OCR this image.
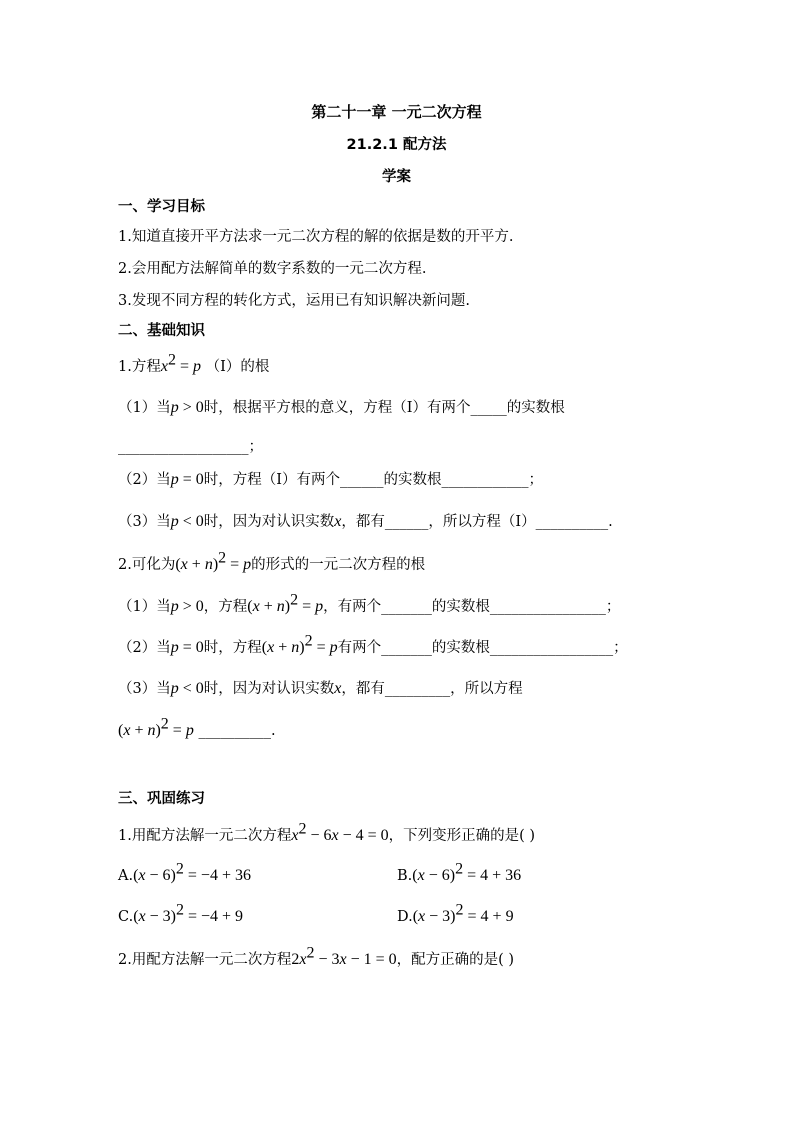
第二十一章 一元二次方程
21.2.1 配方法
学案
一、学习目标
1.知道直接开平方法求一元二次方程的解的依据是数的开平方.
2.会用配方法解简单的数字系数的一元二次方程.
3.发现不同方程的转化方式，运用已有知识解决新问题.
二、基础知识
1.方程$x^2 = p$ （Ⅰ）的根
（1）当p > 0时，根据平方根的意义，方程（Ⅰ）有两个_____的实数根
__________________；
（2）当p = 0时，方程（Ⅰ）有两个______的实数根____________；
（3）当p < 0时，因为对认识实数x，都有______，所以方程（Ⅰ）__________.
2.可化为$(x + n)^2 = p$的形式的一元二次方程的根
（1）当p > 0，方程$(x + n)^2 = p$，有两个_______的实数根________________；
（2）当p = 0时，方程$(x + n)^2 = p$有两个_______的实数根_________________；
（3）当p < 0时，因为对认识实数x，都有_________，所以方程
$(x + n)^2 = p$ __________.
三、巩固练习
1.用配方法解一元二次方程$x^2 - 6x - 4 = 0$，下列变形正确的是( )
$A.(x - 6)^2 = -4 + 36$	$B.(x - 6)^2 = 4 + 36$
$C.(x - 3)^2 = -4 + 9$	$D.(x - 3)^2 = 4 + 9$
2.用配方法解一元二次方程$2x^2 - 3x - 1 = 0$，配方正确的是( )
